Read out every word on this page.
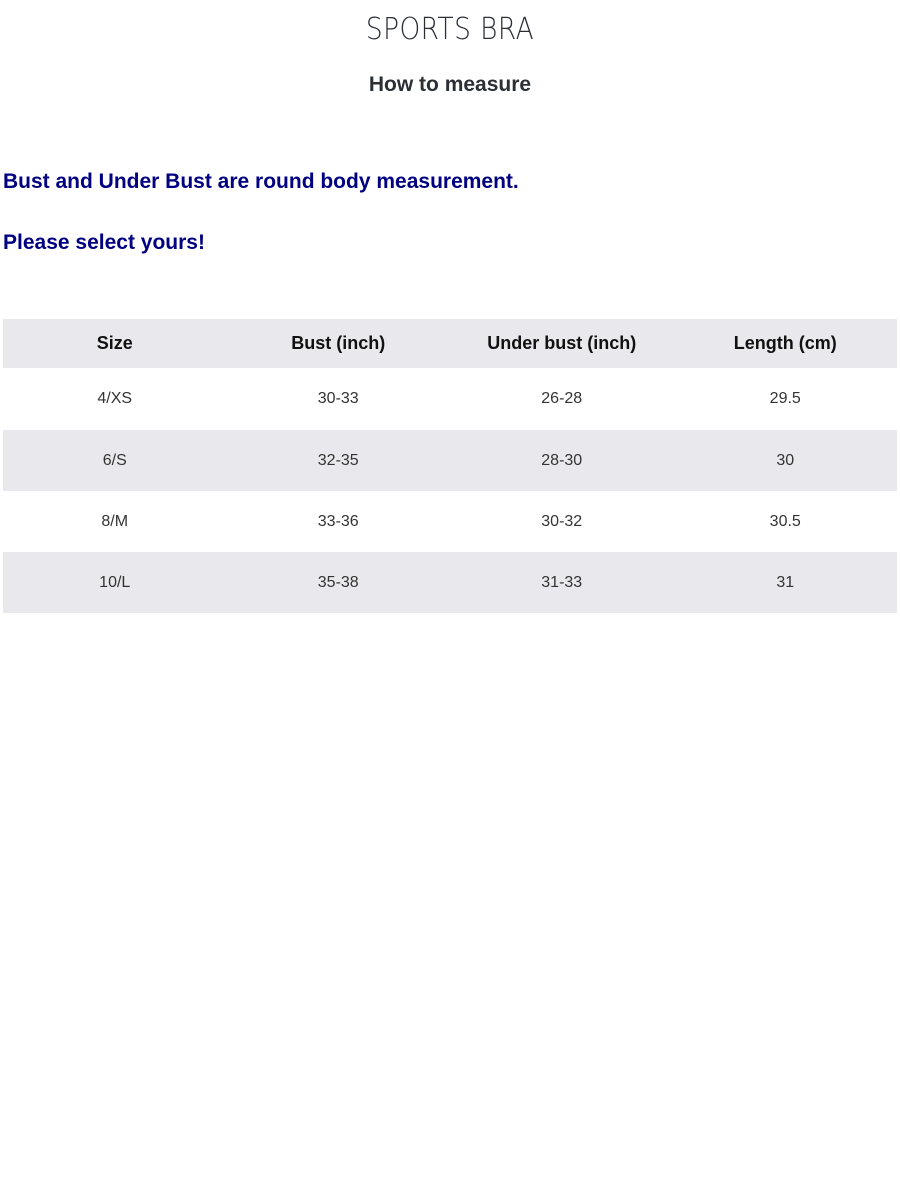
SPORTS BRA
How to measure
Bust and Under Bust are round body measurement.
Please select yours!
Size	Bust (inch)	Under bust (inch)	Length (cm)
4/XS	30-33	26-28	29.5
6/S	32-35	28-30	30
8/M	33-36	30-32	30.5
10/L	35-38	31-33	31
